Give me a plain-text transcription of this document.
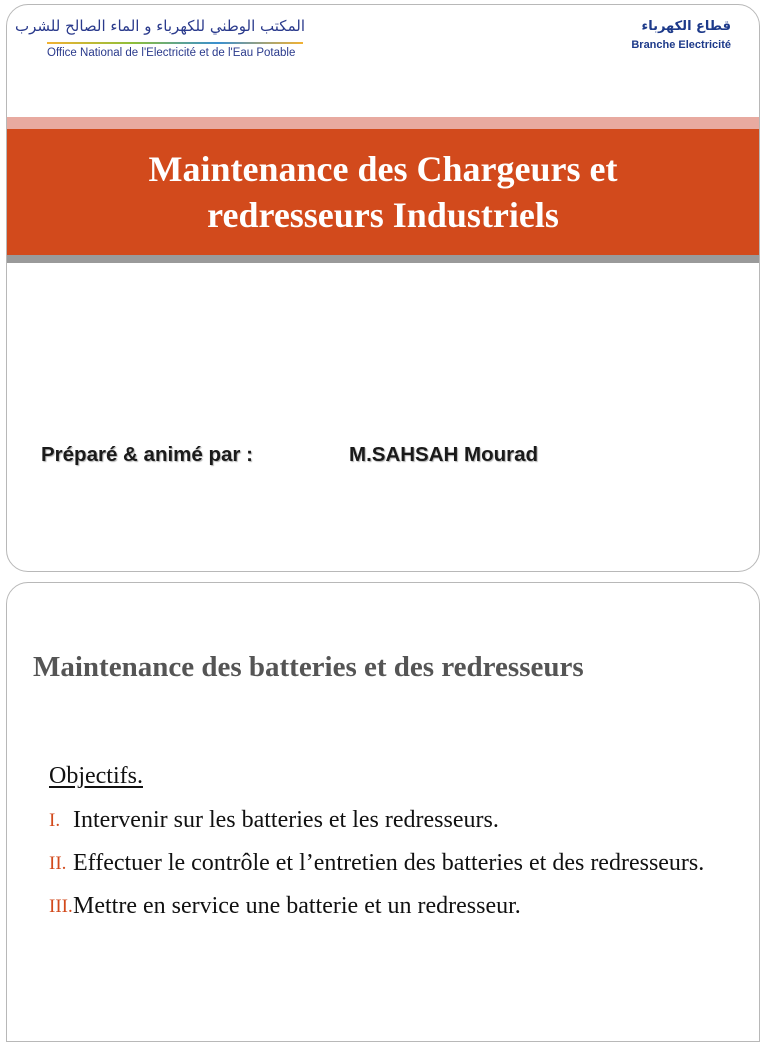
المكتب الوطني للكهرباء و الماء الصالح للشرب
Office National de l'Electricité et de l'Eau Potable
قطاع الكهرباء
Branche Electricité
Maintenance des Chargeurs et redresseurs Industriels
Préparé & animé par :	M.SAHSAH Mourad
Maintenance des batteries et des redresseurs
Objectifs.
I. Intervenir sur les batteries et les redresseurs.
II. Effectuer le contrôle et l’entretien des batteries et des redresseurs.
III. Mettre en service une batterie et un redresseur.
